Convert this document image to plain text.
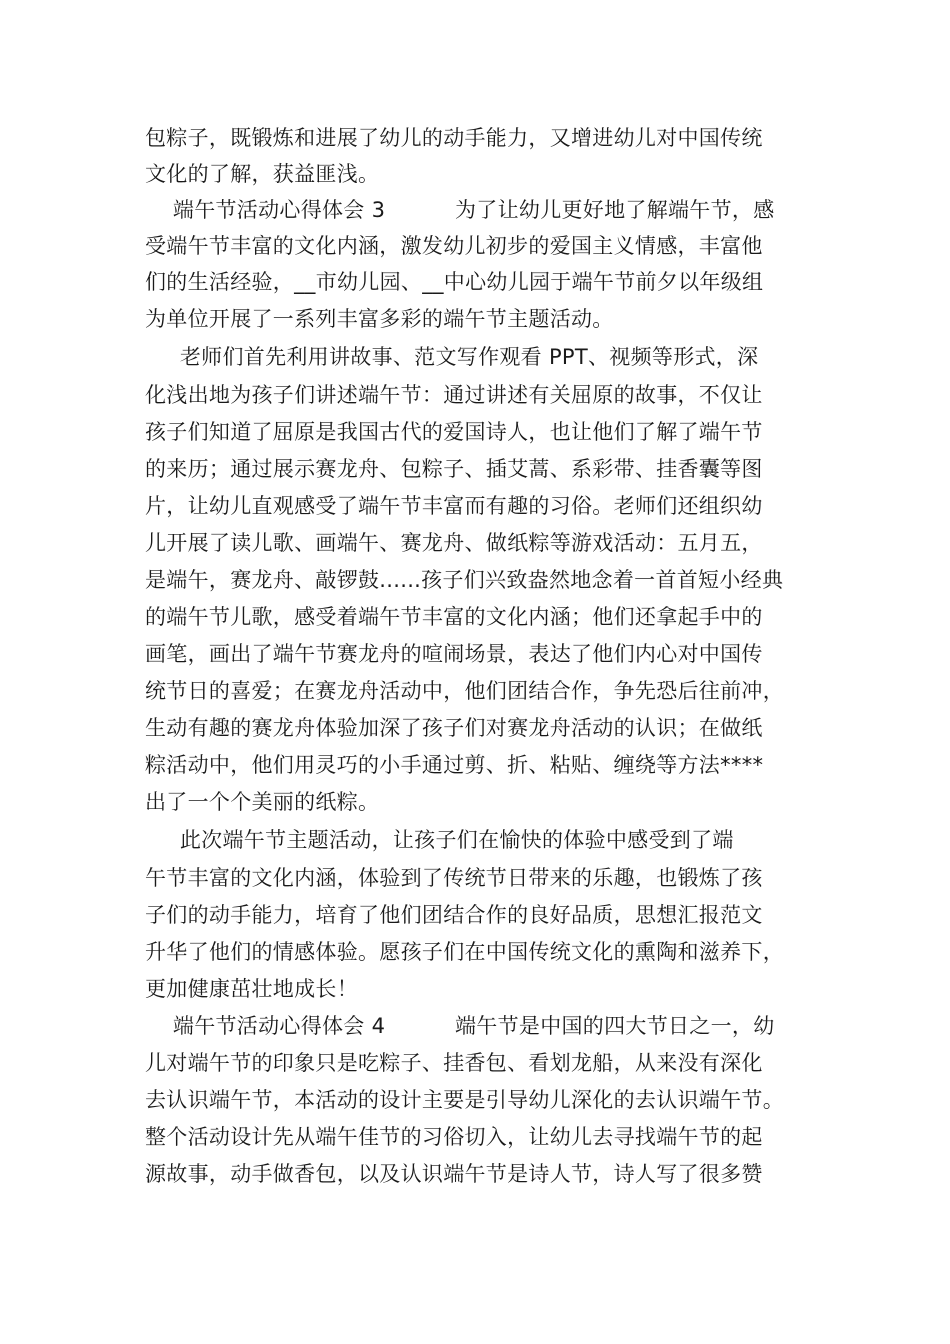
包粽子，既锻炼和进展了幼儿的动手能力，又增进幼儿对中国传统
文化的了解，获益匪浅。
端午节活动心得体会 3          为了让幼儿更好地了解端午节，感
受端午节丰富的文化内涵，激发幼儿初步的爱国主义情感，丰富他
们的生活经验，__市幼儿园、__中心幼儿园于端午节前夕以年级组
为单位开展了一系列丰富多彩的端午节主题活动。
老师们首先利用讲故事、范文写作观看 PPT、视频等形式，深
化浅出地为孩子们讲述端午节：通过讲述有关屈原的故事，不仅让
孩子们知道了屈原是我国古代的爱国诗人，也让他们了解了端午节
的来历；通过展示赛龙舟、包粽子、插艾蒿、系彩带、挂香囊等图
片，让幼儿直观感受了端午节丰富而有趣的习俗。老师们还组织幼
儿开展了读儿歌、画端午、赛龙舟、做纸粽等游戏活动：五月五，
是端午，赛龙舟、敲锣鼓......孩子们兴致盎然地念着一首首短小经典
的端午节儿歌，感受着端午节丰富的文化内涵；他们还拿起手中的
画笔，画出了端午节赛龙舟的喧闹场景，表达了他们内心对中国传
统节日的喜爱；在赛龙舟活动中，他们团结合作，争先恐后往前冲，
生动有趣的赛龙舟体验加深了孩子们对赛龙舟活动的认识；在做纸
粽活动中，他们用灵巧的小手通过剪、折、粘贴、缠绕等方法****
出了一个个美丽的纸粽。
此次端午节主题活动，让孩子们在愉快的体验中感受到了端
午节丰富的文化内涵，体验到了传统节日带来的乐趣，也锻炼了孩
子们的动手能力，培育了他们团结合作的良好品质，思想汇报范文
升华了他们的情感体验。愿孩子们在中国传统文化的熏陶和滋养下，
更加健康茁壮地成长！
端午节活动心得体会 4          端午节是中国的四大节日之一，幼
儿对端午节的印象只是吃粽子、挂香包、看划龙船，从来没有深化
去认识端午节，本活动的设计主要是引导幼儿深化的去认识端午节。
整个活动设计先从端午佳节的习俗切入，让幼儿去寻找端午节的起
源故事，动手做香包，以及认识端午节是诗人节，诗人写了很多赞
